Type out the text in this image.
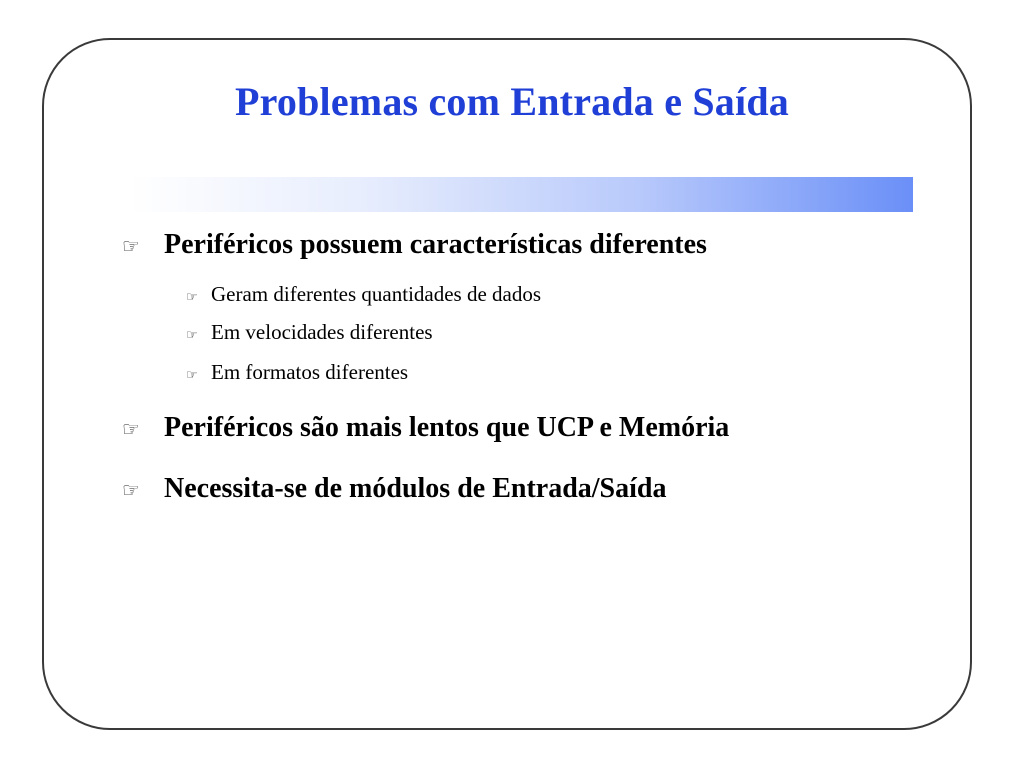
Problemas com Entrada e Saída
☞ Periféricos possuem características diferentes
☞ Geram diferentes quantidades de dados
☞ Em velocidades diferentes
☞ Em formatos diferentes
☞ Periféricos são mais lentos que UCP e Memória
☞ Necessita-se de módulos de Entrada/Saída
